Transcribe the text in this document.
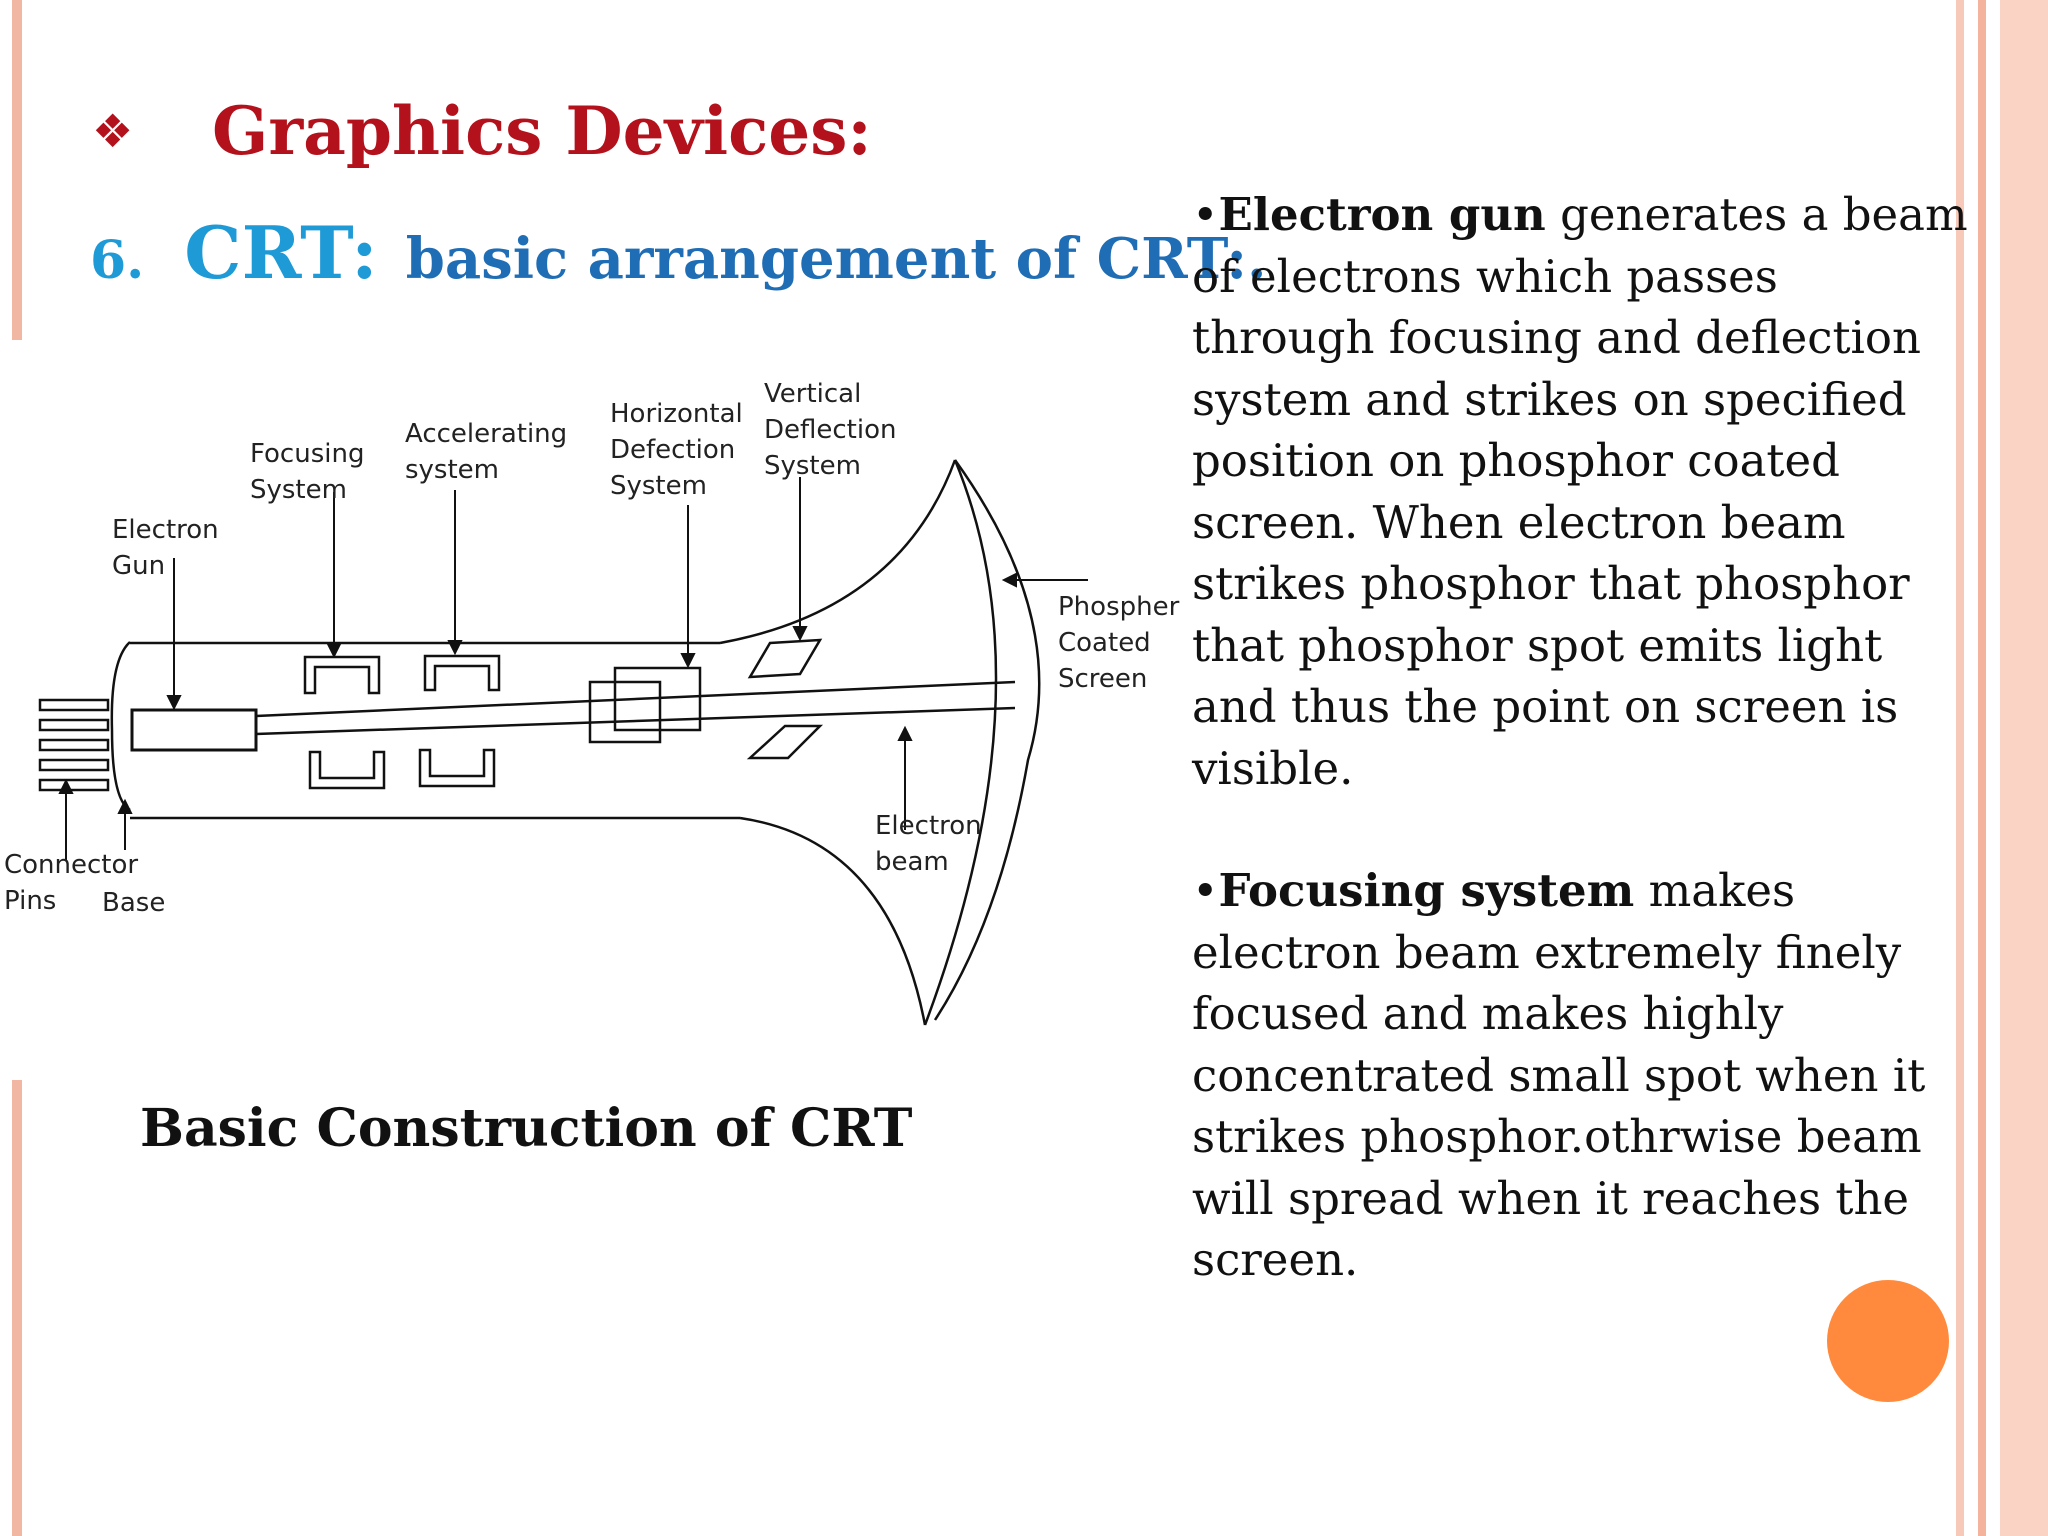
❖	Graphics Devices:
6. CRT: basic arrangement of CRT:.
Electron
Gun
Focusing
System
Accelerating
system
Horizontal
Defection
System
Vertical
Deflection
System
Phospher
Coated
Screen
Electron
beam
Connector
Pins Base
Basic Construction of CRT

•Electron gun generates a beam of electrons which passes through focusing and deflection system and strikes on specified position on phosphor coated screen. When electron beam strikes phosphor that phosphor that phosphor spot emits light and thus the point on screen is visible.

•Focusing system makes electron beam extremely finely focused and makes highly concentrated small spot when it strikes phosphor.othrwise beam will spread when it reaches the screen.
